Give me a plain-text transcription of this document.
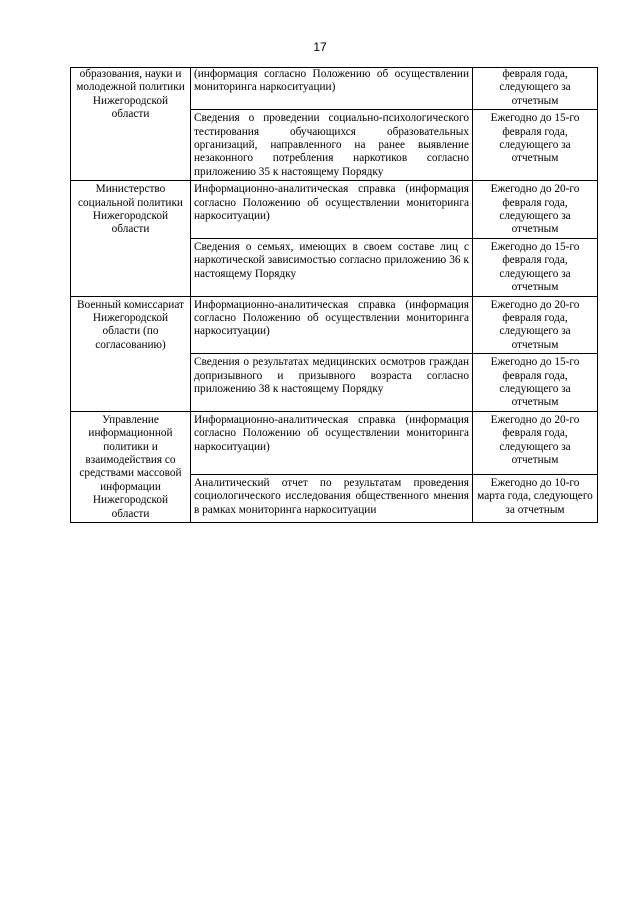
17
образования, науки и молодежной политики Нижегородской области	(информация согласно Положению об осуществлении мониторинга наркоситуации)	февраля года, следующего за отчетным
	Сведения о проведении социально-психологического тестирования обучающихся образовательных организаций, направленного на ранее выявление незаконного потребления наркотиков согласно приложению 35 к настоящему Порядку	Ежегодно до 15-го февраля года, следующего за отчетным
Министерство социальной политики Нижегородской области	Информационно-аналитическая справка (информация согласно Положению об осуществлении мониторинга наркоситуации)	Ежегодно до 20-го февраля года, следующего за отчетным
	Сведения о семьях, имеющих в своем составе лиц с наркотической зависимостью согласно приложению 36 к настоящему Порядку	Ежегодно до 15-го февраля года, следующего за отчетным
Военный комиссариат Нижегородской области (по согласованию)	Информационно-аналитическая справка (информация согласно Положению об осуществлении мониторинга наркоситуации)	Ежегодно до 20-го февраля года, следующего за отчетным
	Сведения о результатах медицинских осмотров граждан допризывного и призывного возраста согласно приложению 38 к настоящему Порядку	Ежегодно до 15-го февраля года, следующего за отчетным
Управление информационной политики и взаимодействия со средствами массовой информации Нижегородской области	Информационно-аналитическая справка (информация согласно Положению об осуществлении мониторинга наркоситуации)	Ежегодно до 20-го февраля года, следующего за отчетным
	Аналитический отчет по результатам проведения социологического исследования общественного мнения в рамках мониторинга наркоситуации	Ежегодно до 10-го марта года, следующего за отчетным
